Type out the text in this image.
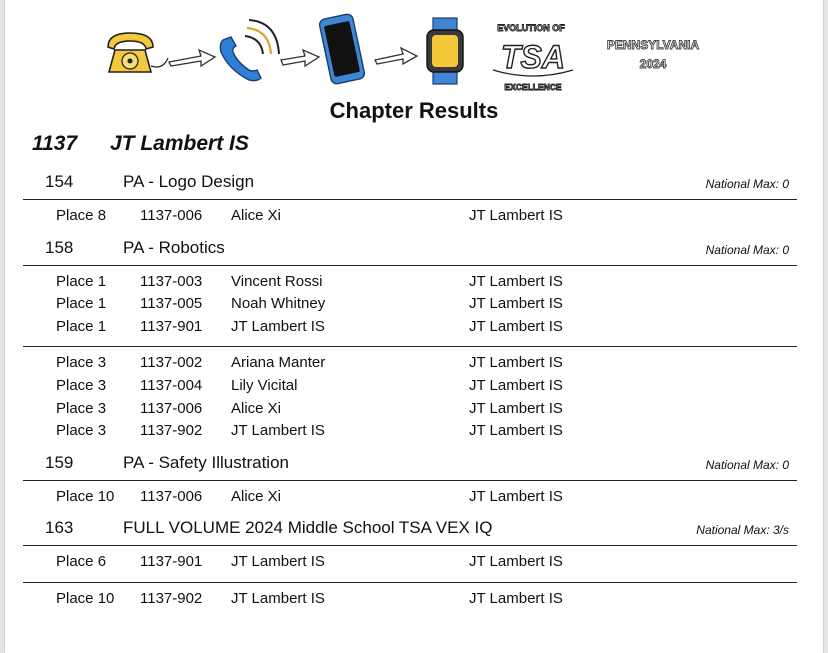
EVOLUTION OF
TSA
EXCELLENCE
PENNSYLVANIA
2024
Chapter Results
1137 JT Lambert IS
154	PA - Logo Design	National Max: 0
Place 8 1137-006 Alice Xi	JT Lambert IS
158	PA - Robotics	National Max: 0
Place 1 1137-003 Vincent Rossi	JT Lambert IS
Place 1 1137-005 Noah Whitney	JT Lambert IS
Place 1 1137-901 JT Lambert IS	JT Lambert IS
Place 3 1137-002 Ariana Manter	JT Lambert IS
Place 3 1137-004 Lily Vicital	JT Lambert IS
Place 3 1137-006 Alice Xi	JT Lambert IS
Place 3 1137-902 JT Lambert IS	JT Lambert IS
159	PA - Safety Illustration	National Max: 0
Place 10 1137-006 Alice Xi	JT Lambert IS
163	FULL VOLUME 2024 Middle School TSA VEX IQ	National Max: 3/s
Place 6 1137-901 JT Lambert IS	JT Lambert IS
Place 10 1137-902 JT Lambert IS	JT Lambert IS
